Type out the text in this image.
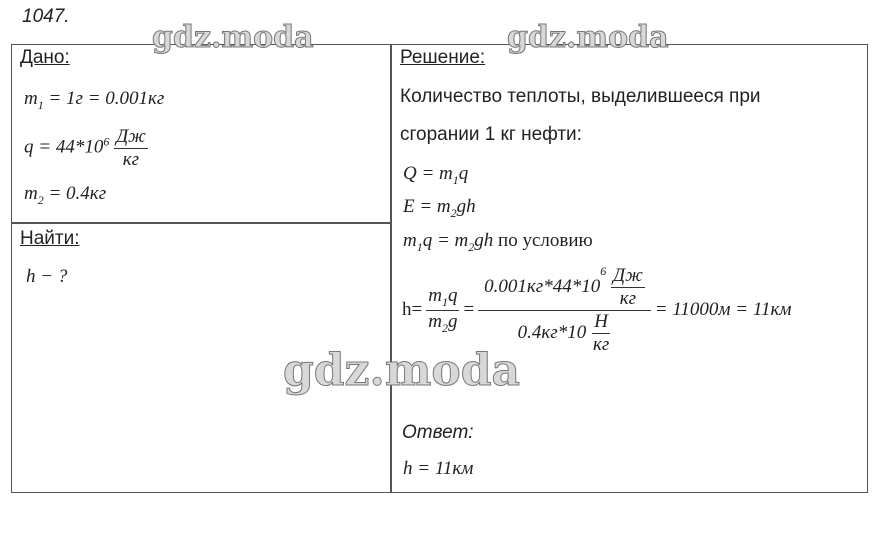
1047.
Дано:
$m_1 = 1г = 0.001кг$
$q = 44*10^6 \frac{Дж}{кг}$
$m_2 = 0.4кг$
Найти:
h − ?
Решение:
Количество теплоты, выделившееся при
сгорании 1 кг нефти:
$Q = m_1q$
$E = m_2gh$
$m_1q = m_2gh$ по условию
$h= \frac{m_1q}{m_2g} = 0.001кг*44*10$
$^6$
$\frac{Дж}{кг}$
0.4кг*10
$\frac{Н}{кг} = 11000м = 11км$
Ответ:
h = 11км
gdz.moda	gdz.moda
gdz.moda
